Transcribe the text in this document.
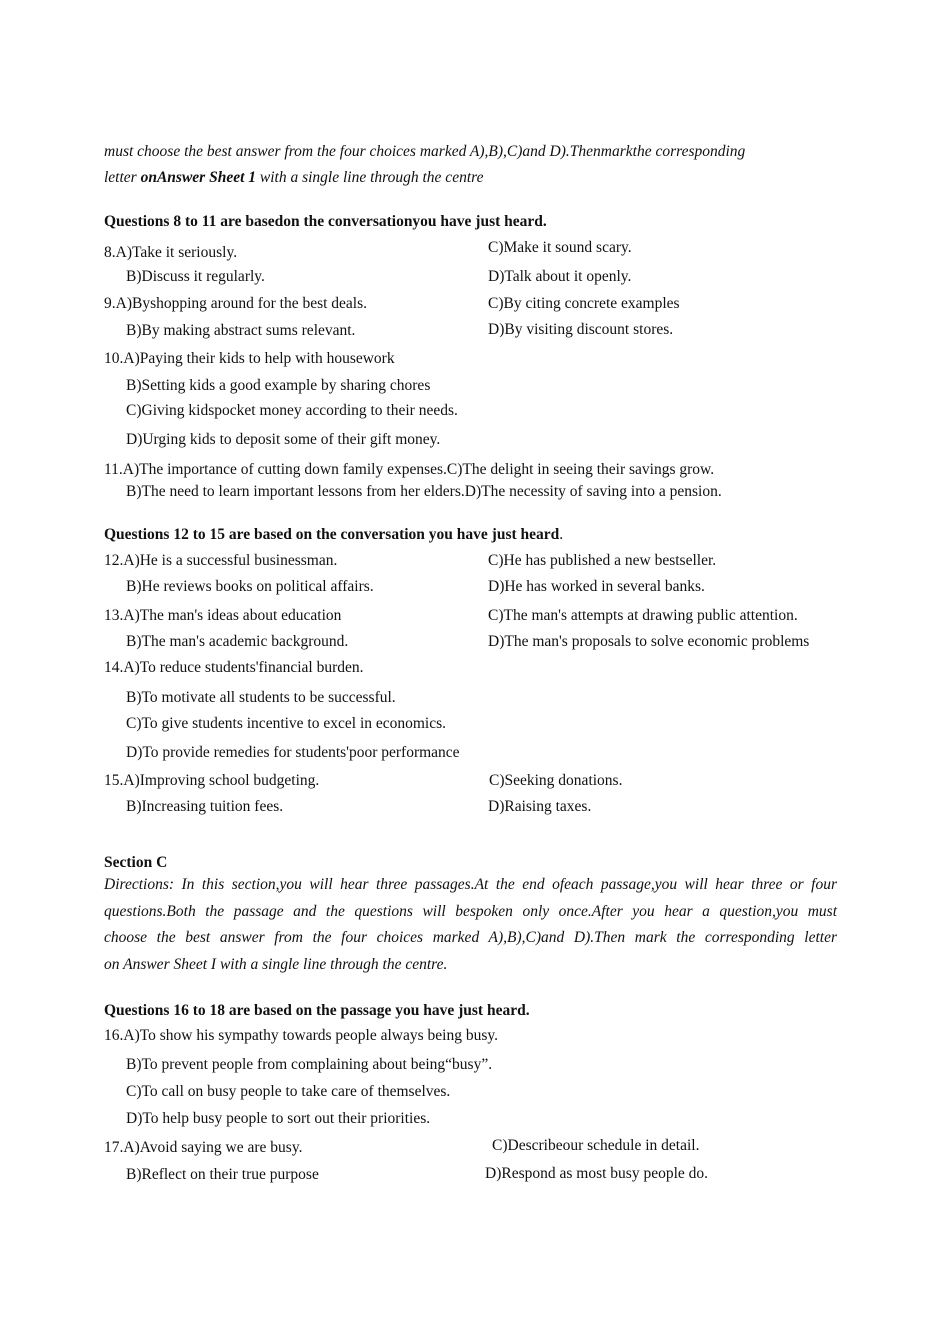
must choose the best answer from the four choices marked A),B),C)and D).Thenmarkthe corresponding
letter onAnswer Sheet 1 with a single line through the centre
Questions 8 to 11 are basedon the conversationyou have just heard.
8.A)Take it seriously.	C)Make it sound scary.
B)Discuss it regularly.	D)Talk about it openly.
9.A)Byshopping around for the best deals.	C)By citing concrete examples
B)By making abstract sums relevant.	D)By visiting discount stores.
10.A)Paying their kids to help with housework
B)Setting kids a good example by sharing chores
C)Giving kidspocket money according to their needs.
D)Urging kids to deposit some of their gift money.
11.A)The importance of cutting down family expenses.C)The delight in seeing their savings grow.
B)The need to learn important lessons from her elders.D)The necessity of saving into a pension.
Questions 12 to 15 are based on the conversation you have just heard.
12.A)He is a successful businessman.	C)He has published a new bestseller.
B)He reviews books on political affairs.	D)He has worked in several banks.
13.A)The man's ideas about education	C)The man's attempts at drawing public attention.
B)The man's academic background.	D)The man's proposals to solve economic problems
14.A)To reduce students'financial burden.
B)To motivate all students to be successful.
C)To give students incentive to excel in economics.
D)To provide remedies for students'poor performance
15.A)Improving school budgeting.	C)Seeking donations.
B)Increasing tuition fees.	D)Raising taxes.
Section C
Directions: In this section,you will hear three passages.At the end ofeach passage,you will hear three or four
questions.Both the passage and the questions will bespoken only once.After you hear a question,you must
choose the best answer from the four choices marked A),B),C)and D).Then mark the corresponding letter
on Answer Sheet I with a single line through the centre.
Questions 16 to 18 are based on the passage you have just heard.
16.A)To show his sympathy towards people always being busy.
B)To prevent people from complaining about being“busy”.
C)To call on busy people to take care of themselves.
D)To help busy people to sort out their priorities.
17.A)Avoid saying we are busy.	C)Describeour schedule in detail.
B)Reflect on their true purpose	D)Respond as most busy people do.
